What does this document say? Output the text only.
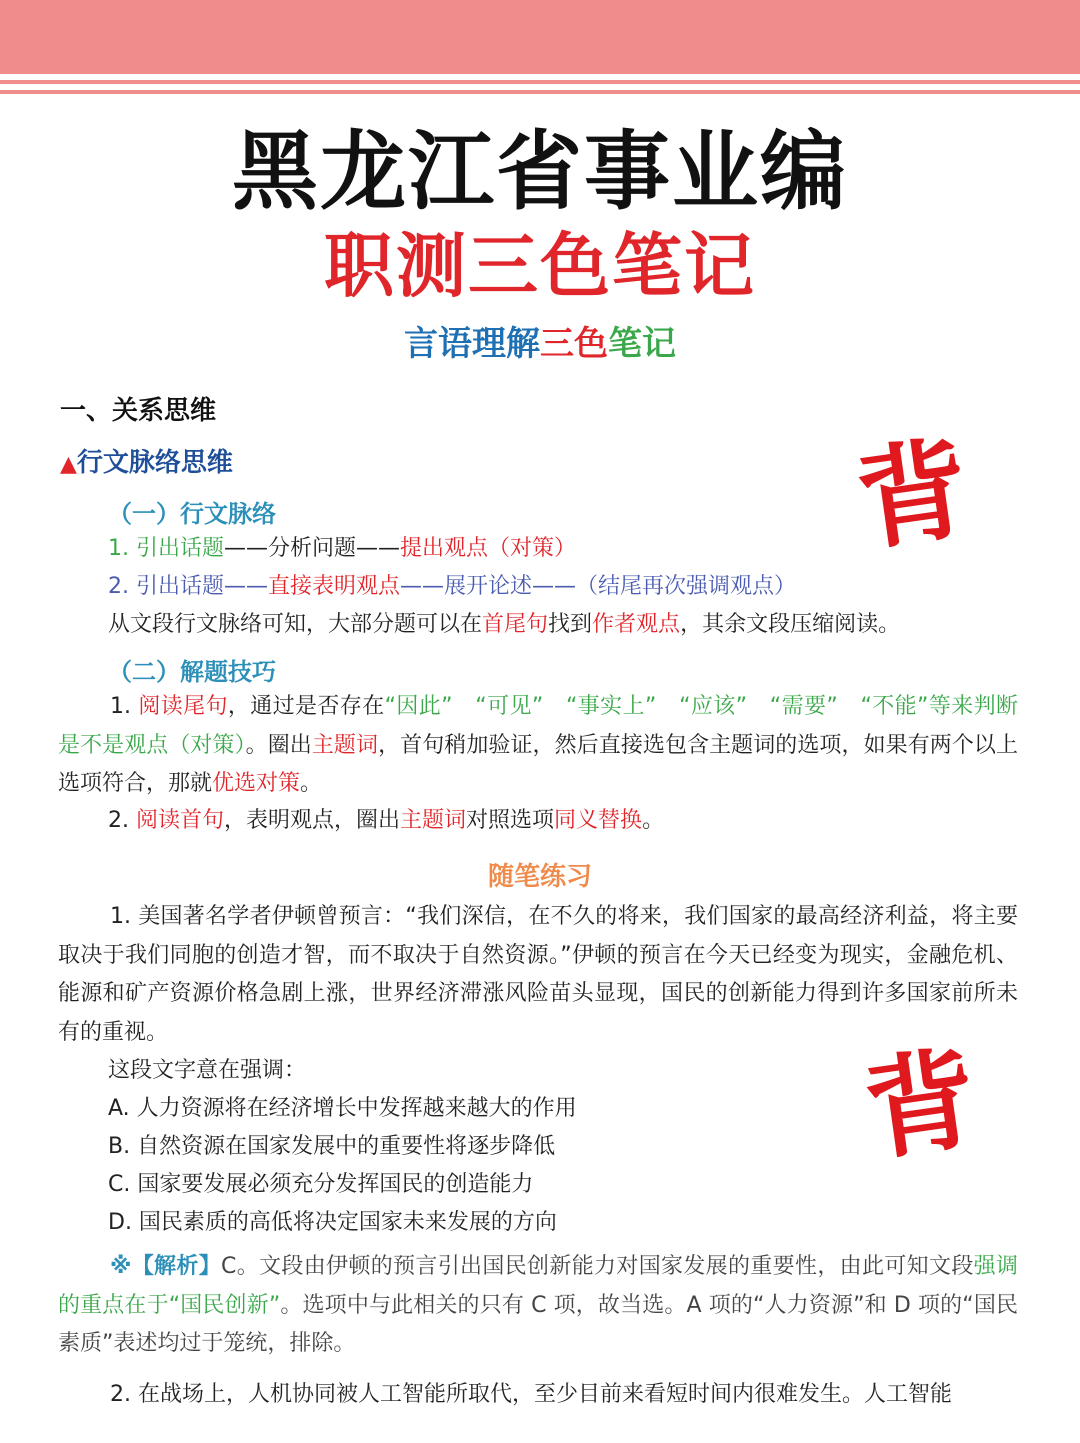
黑龙江省事业编
职测三色笔记
言语理解三色笔记
背
背
一、关系思维
▲行文脉络思维
（一）行文脉络
1. 引出话题——分析问题——提出观点（对策）
2. 引出话题——直接表明观点——展开论述——（结尾再次强调观点）
从文段行文脉络可知，大部分题可以在首尾句找到作者观点，其余文段压缩阅读。
（二）解题技巧

1. 阅读尾句，通过是否存在“因此”　“可见”　“事实上”　“应该”　“需要”　“不能”等来判断是不是观点（对策）。圈出主题词，首句稍加验证，然后直接选包含主题词的选项，如果有两个以上选项符合，那就优选对策。

2. 阅读首句，表明观点，圈出主题词对照选项同义替换。
随笔练习

1. 美国著名学者伊顿曾预言：“我们深信，在不久的将来，我们国家的最高经济利益，将主要取决于我们同胞的创造才智，而不取决于自然资源。”伊顿的预言在今天已经变为现实，金融危机、能源和矿产资源价格急剧上涨，世界经济滞涨风险苗头显现，国民的创新能力得到许多国家前所未有的重视。

这段文字意在强调：
A. 人力资源将在经济增长中发挥越来越大的作用
B. 自然资源在国家发展中的重要性将逐步降低
C. 国家要发展必须充分发挥国民的创造能力
D. 国民素质的高低将决定国家未来发展的方向

※【解析】C。文段由伊顿的预言引出国民创新能力对国家发展的重要性，由此可知文段强调的重点在于“国民创新”。选项中与此相关的只有 C 项，故当选。A 项的“人力资源”和 D 项的“国民素质”表述均过于笼统，排除。

2. 在战场上，人机协同被人工智能所取代，至少目前来看短时间内很难发生。人工智能
